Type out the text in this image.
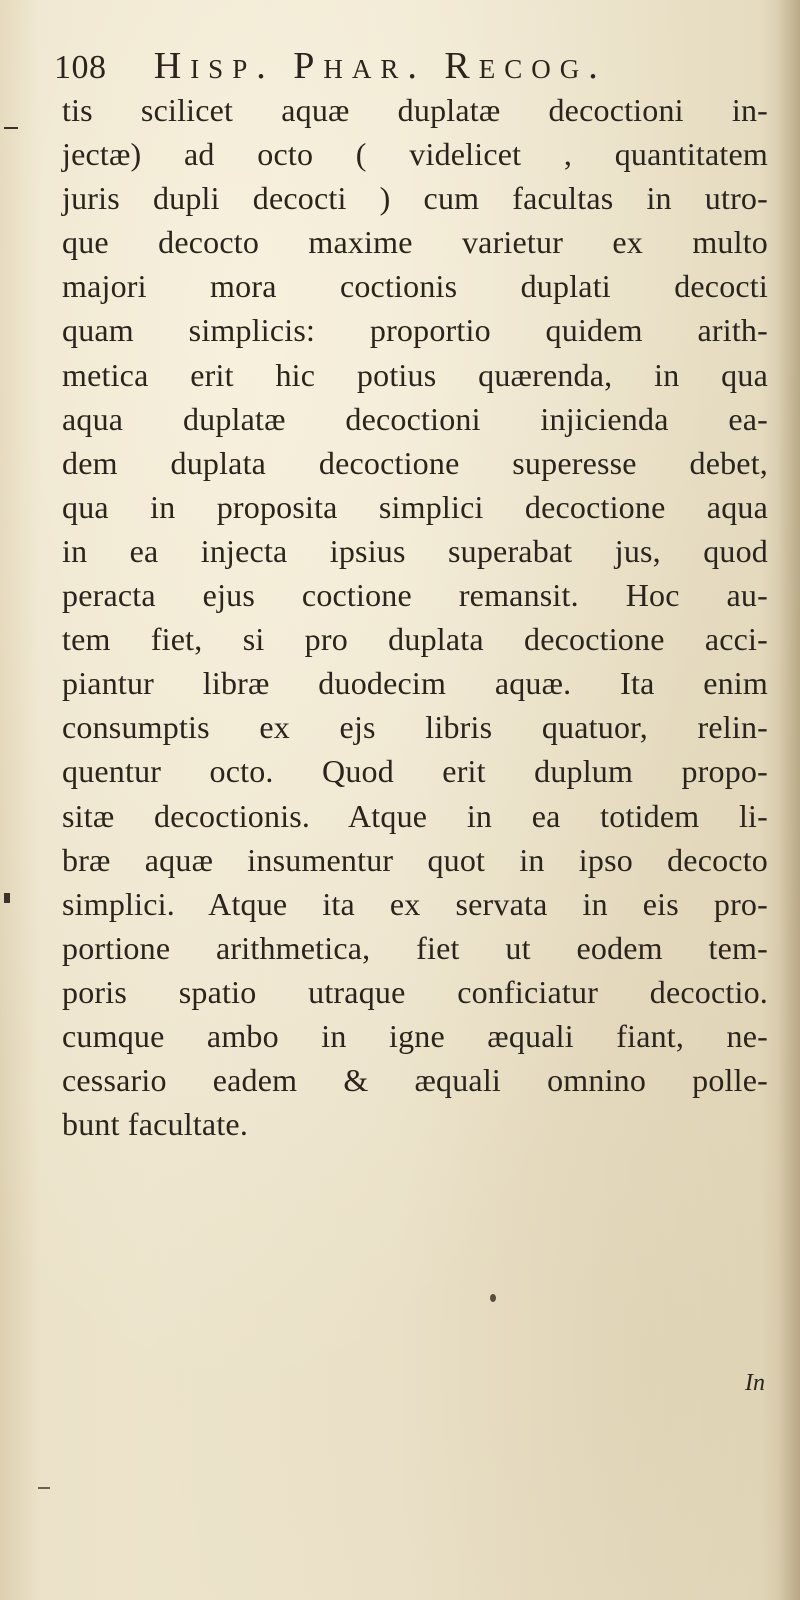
108 Hisp. Phar. Recog.
tis scilicet aquæ duplatæ decoctioni in-
jectæ) ad octo ( videlicet , quantitatem
juris dupli decocti ) cum facultas in utro-
que decocto maxime varietur ex multo
majori mora coctionis duplati decocti
quam simplicis: proportio quidem arith-
metica erit hic potius quærenda, in qua
aqua duplatæ decoctioni injicienda ea-
dem duplata decoctione superesse debet,
qua in proposita simplici decoctione aqua
in ea injecta ipsius superabat jus, quod
peracta ejus coctione remansit. Hoc au-
tem fiet, si pro duplata decoctione acci-
piantur libræ duodecim aquæ. Ita enim
consumptis ex ejs libris quatuor, relin-
quentur octo. Quod erit duplum propo-
sitæ decoctionis. Atque in ea totidem li-
bræ aquæ insumentur quot in ipso decocto
simplici. Atque ita ex servata in eis pro-
portione arithmetica, fiet ut eodem tem-
poris spatio utraque conficiatur decoctio.
cumque ambo in igne æquali fiant, ne-
cessario eadem & æquali omnino polle-
bunt facultate.
In
